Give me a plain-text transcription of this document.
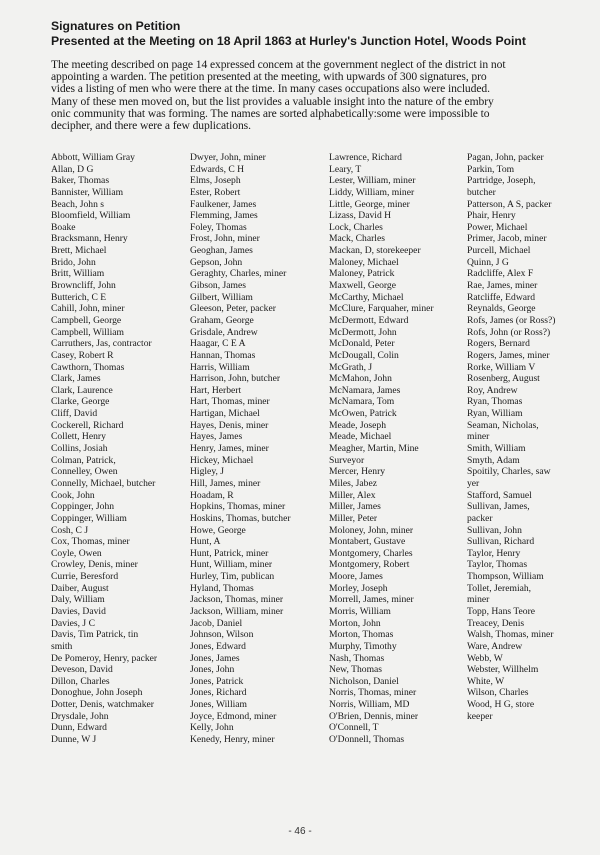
Signatures on Petition
Presented at the Meeting on 18 April 1863 at Hurley's Junction Hotel, Woods Point
The meeting described on page 14 expressed concem at the government neglect of the district in not
appointing a warden. The petition presented at the meeting, with upwards of 300 signatures, pro
vides a listing of men who were there at the time. In many cases occupations also were included.
Many of these men moved on, but the list provides a valuable insight into the nature of the embry
onic community that was forming. The names are sorted alphabetically:some were impossible to
decipher, and there were a few duplications.
Abbott, William Gray
Allan, D G
Baker, Thomas
Bannister, William
Beach, John s
Bloomfield, William
Boake
Bracksmann, Henry
Brett, Michael
Brido, John
Britt, William
Browncliff, John
Butterich, C E
Cahill, John, miner
Campbell, George
Campbell, William
Carruthers, Jas, contractor
Casey, Robert R
Cawthorn, Thomas
Clark, James
Clark, Laurence
Clarke, George
Cliff, David
Cockerell, Richard
Collett, Henry
Collins, Josiah
Colman, Patrick,
Connelley, Owen
Connelly, Michael, butcher
Cook, John
Coppinger, John
Coppinger, William
Cosh, C J
Cox, Thomas, miner
Coyle, Owen
Crowley, Denis, miner
Currie, Beresford
Daiber, August
Daly, William
Davies, David
Davies, J C
Davis, Tim Patrick, tin
smith
De Pomeroy, Henry, packer
Deveson, David
Dillon, Charles
Donoghue, John Joseph
Dotter, Denis, watchmaker
Drysdale, John
Dunn, Edward
Dunne, W J
Dwyer, John, miner
Edwards, C H
Elms, Joseph
Ester, Robert
Faulkener, James
Flemming, James
Foley, Thomas
Frost, John, miner
Geoghan, James
Gepson, John
Geraghty, Charles, miner
Gibson, James
Gilbert, William
Gleeson, Peter, packer
Graham, George
Grisdale, Andrew
Haagar, C E A
Hannan, Thomas
Harris, William
Harrison, John, butcher
Hart, Herbert
Hart, Thomas, miner
Hartigan, Michael
Hayes, Denis, miner
Hayes, James
Henry, James, miner
Hickey, Michael
Higley, J
Hill, James, miner
Hoadam, R
Hopkins, Thomas, miner
Hoskins, Thomas, butcher
Howe, George
Hunt, A
Hunt, Patrick, miner
Hunt, William, miner
Hurley, Tim, publican
Hyland, Thomas
Jackson, Thomas, miner
Jackson, William, miner
Jacob, Daniel
Johnson, Wilson
Jones, Edward
Jones, James
Jones, John
Jones, Patrick
Jones, Richard
Jones, William
Joyce, Edmond, miner
Kelly, John
Kenedy, Henry, miner
Lawrence, Richard
Leary, T
Lester, William, miner
Liddy, William, miner
Little, George, miner
Lizass, David H
Lock, Charles
Mack, Charles
Mackan, D, storekeeper
Maloney, Michael
Maloney, Patrick
Maxwell, George
McCarthy, Michael
McClure, Farquaher, miner
McDermott, Edward
McDermott, John
McDonald, Peter
McDougall, Colin
McGrath, J
McMahon, John
McNamara, James
McNamara, Tom
McOwen, Patrick
Meade, Joseph
Meade, Michael
Meagher, Martin, Mine
Surveyor
Mercer, Henry
Miles, Jabez
Miller, Alex
Miller, James
Miller, Peter
Moloney, John, miner
Montabert, Gustave
Montgomery, Charles
Montgomery, Robert
Moore, James
Morley, Joseph
Morrell, James, miner
Morris, William
Morton, John
Morton, Thomas
Murphy, Timothy
Nash, Thomas
New, Thomas
Nicholson, Daniel
Norris, Thomas, miner
Norris, William, MD
O'Brien, Dennis, miner
O'Connell, T
O'Donnell, Thomas
Pagan, John, packer
Parkin, Tom
Partridge, Joseph,
butcher
Patterson, A S, packer
Phair, Henry
Power, Michael
Primer, Jacob, miner
Purcell, Michael
Quinn, J G
Radcliffe, Alex F
Rae, James, miner
Ratcliffe, Edward
Reynalds, George
Rofs, James (or Ross?)
Rofs, John (or Ross?)
Rogers, Bernard
Rogers, James, miner
Rorke, William V
Rosenberg, August
Roy, Andrew
Ryan, Thomas
Ryan, William
Seaman, Nicholas,
miner
Smith, William
Smyth, Adam
Spoitily, Charles, saw
yer
Stafford, Samuel
Sullivan, James,
packer
Sullivan, John
Sullivan, Richard
Taylor, Henry
Taylor, Thomas
Thompson, William
Tollet, Jeremiah,
miner
Topp, Hans Teore
Treacey, Denis
Walsh, Thomas, miner
Ware, Andrew
Webb, W
Webster, Willhelm
White, W
Wilson, Charles
Wood, H G, store
keeper
- 46 -
